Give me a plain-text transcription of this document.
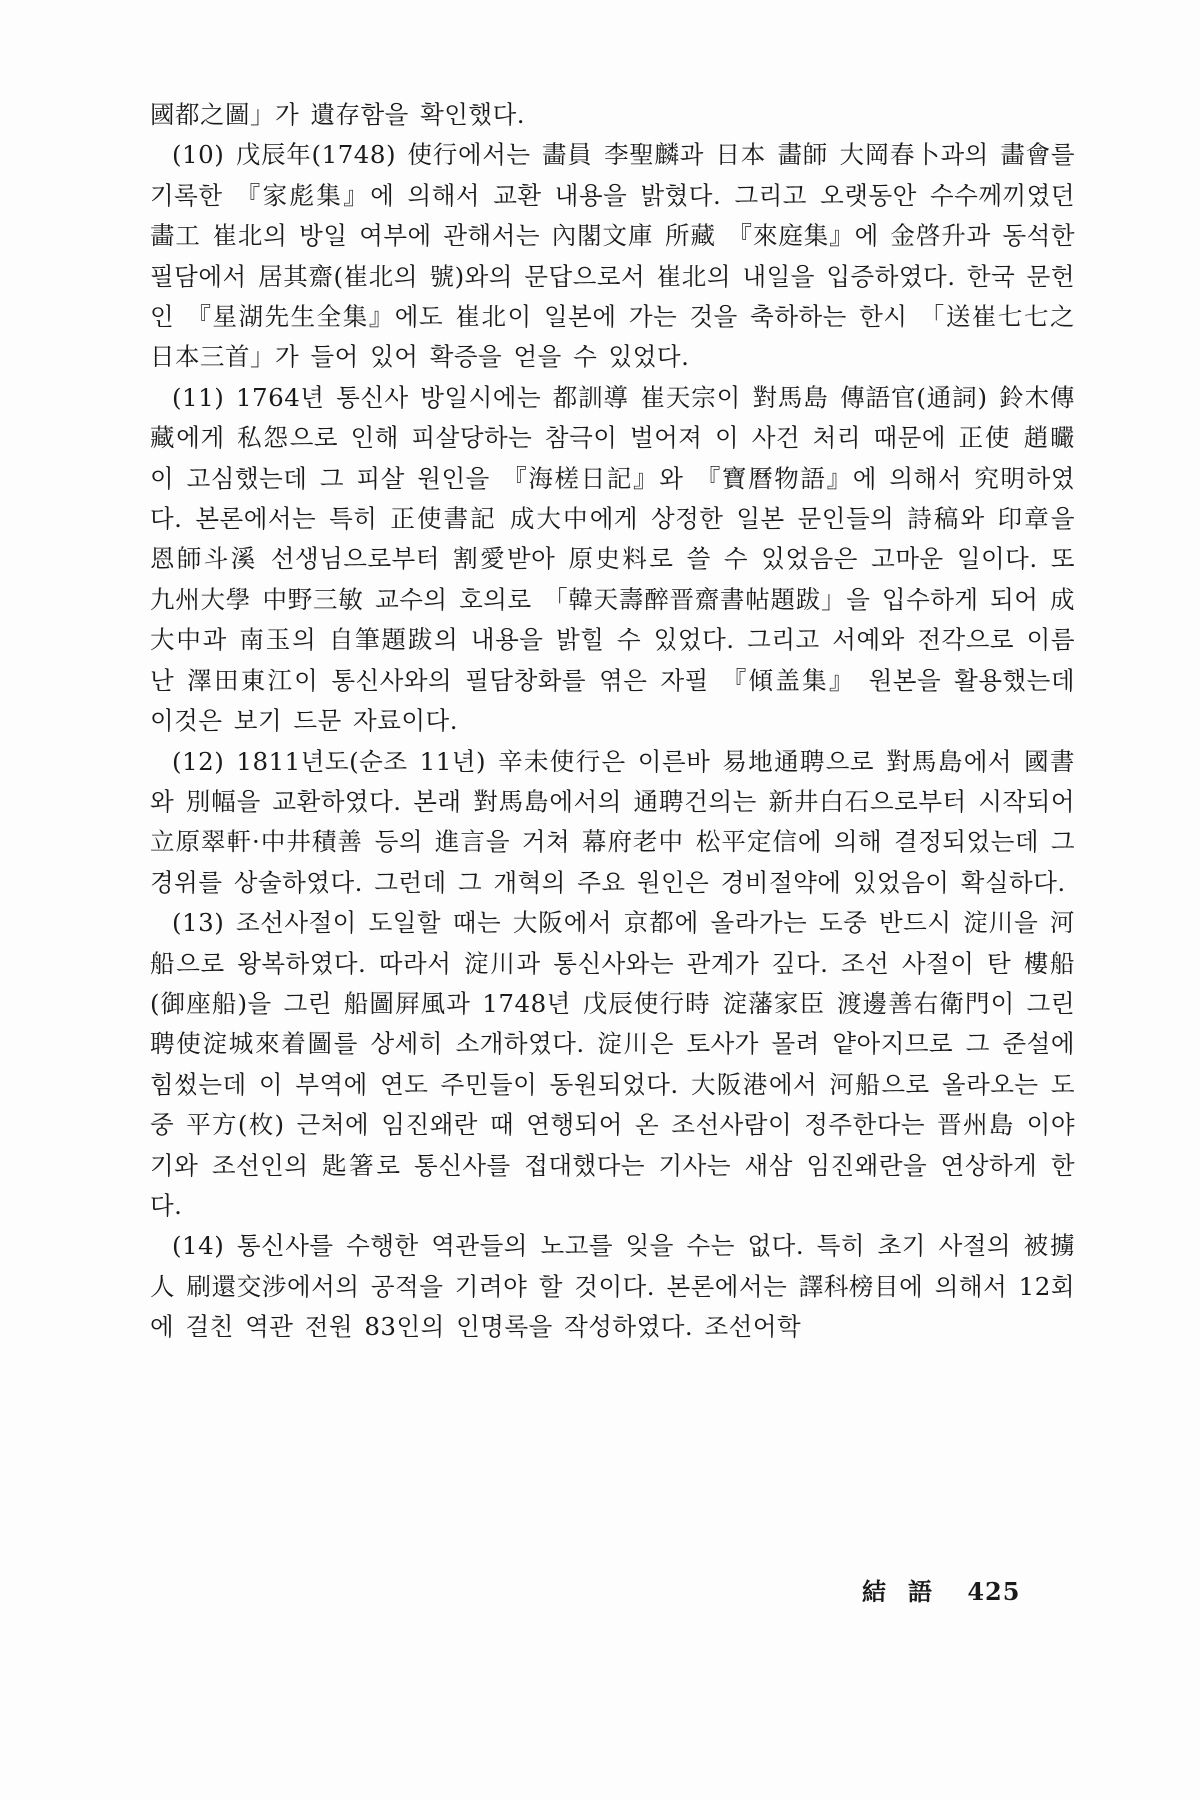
國都之圖」가 遺存함을 확인했다.

(10) 戊辰年(1748) 使行에서는 畵員 李聖麟과 日本 畵師 大岡春卜과의 畵會를 기록한 『家彪集』에 의해서 교환 내용을 밝혔다. 그리고 오랫동안 수수께끼였던 畵工 崔北의 방일 여부에 관해서는 內閣文庫 所藏 『來庭集』에 金啓升과 동석한 필담에서 居其齋(崔北의 號)와의 문답으로서 崔北의 내일을 입증하였다. 한국 문헌인 『星湖先生全集』에도 崔北이 일본에 가는 것을 축하하는 한시 「送崔七七之日本三首」가 들어 있어 확증을 얻을 수 있었다.

(11) 1764년 통신사 방일시에는 都訓導 崔天宗이 對馬島 傳語官(通詞) 鈴木傳藏에게 私怨으로 인해 피살당하는 참극이 벌어져 이 사건 처리 때문에 正使 趙曮이 고심했는데 그 피살 원인을 『海槎日記』와 『寶曆物語』에 의해서 究明하였다. 본론에서는 특히 正使書記 成大中에게 상정한 일본 문인들의 詩稿와 印章을 恩師斗溪 선생님으로부터 割愛받아 原史料로 쓸 수 있었음은 고마운 일이다. 또 九州大學 中野三敏 교수의 호의로 「韓天壽醉晋齋書帖題跋」을 입수하게 되어 成大中과 南玉의 自筆題跋의 내용을 밝힐 수 있었다. 그리고 서예와 전각으로 이름난 澤田東江이 통신사와의 필담창화를 엮은 자필 『傾盖集』 원본을 활용했는데 이것은 보기 드문 자료이다.

(12) 1811년도(순조 11년) 辛未使行은 이른바 易地通聘으로 對馬島에서 國書와 別幅을 교환하였다. 본래 對馬島에서의 通聘건의는 新井白石으로부터 시작되어 立原翠軒·中井積善 등의 進言을 거쳐 幕府老中 松平定信에 의해 결정되었는데 그 경위를 상술하였다. 그런데 그 개혁의 주요 원인은 경비절약에 있었음이 확실하다.

(13) 조선사절이 도일할 때는 大阪에서 京都에 올라가는 도중 반드시 淀川을 河船으로 왕복하였다. 따라서 淀川과 통신사와는 관계가 깊다. 조선 사절이 탄 樓船(御座船)을 그린 船圖屛風과 1748년 戊辰使行時 淀藩家臣 渡邊善右衛門이 그린 聘使淀城來着圖를 상세히 소개하였다. 淀川은 토사가 몰려 얕아지므로 그 준설에 힘썼는데 이 부역에 연도 주민들이 동원되었다. 大阪港에서 河船으로 올라오는 도중 平方(枚) 근처에 임진왜란 때 연행되어 온 조선사람이 정주한다는 晋州島 이야기와 조선인의 匙箸로 통신사를 접대했다는 기사는 새삼 임진왜란을 연상하게 한다.

(14) 통신사를 수행한 역관들의 노고를 잊을 수는 없다. 특히 초기 사절의 被擄人 刷還交涉에서의 공적을 기려야 할 것이다. 본론에서는 譯科榜目에 의해서 12회에 걸친 역관 전원 83인의 인명록을 작성하였다. 조선어학

結語 425
